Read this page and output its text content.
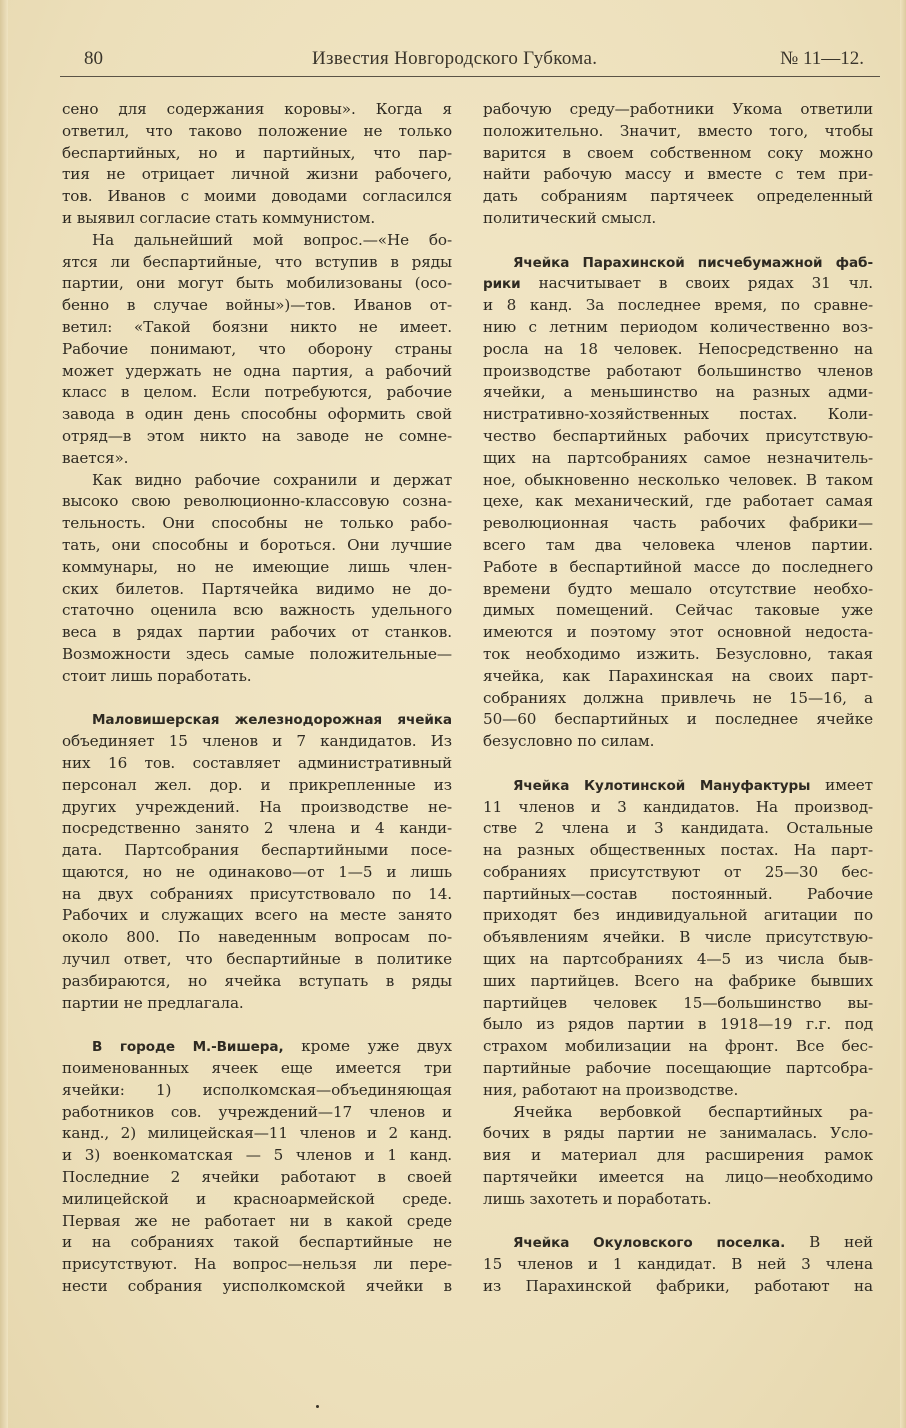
80	Известия Новгородского Губкома.	№ 11—12.
сено для содержания коровы». Когда я
ответил, что таково положение не только
беспартийных, но и партийных, что пар-
тия не отрицает личной жизни рабочего,
тов. Иванов с моими доводами согласился
и выявил согласие стать коммунистом.
На дальнейший мой вопрос.—«Не бо-
ятся ли беспартийные, что вступив в ряды
партии, они могут быть мобилизованы (осо-
бенно в случае войны»)—тов. Иванов от-
ветил: «Такой боязни никто не имеет.
Рабочие понимают, что оборону страны
может удержать не одна партия, а рабочий
класс в целом. Если потребуются, рабочие
завода в один день способны оформить свой
отряд—в этом никто на заводе не сомне-
вается».
Как видно рабочие сохранили и держат
высоко свою революционно-классовую созна-
тельность. Они способны не только рабо-
тать, они способны и бороться. Они лучшие
коммунары, но не имеющие лишь член-
ских билетов. Партячейка видимо не до-
статочно оценила всю важность удельного
веса в рядах партии рабочих от станков.
Возможности здесь самые положительные—
стоит лишь поработать.
Маловишерская железнодорожная ячейка
объединяет 15 членов и 7 кандидатов. Из
них 16 тов. составляет административный
персонал жел. дор. и прикрепленные из
других учреждений. На производстве не-
посредственно занято 2 члена и 4 канди-
дата. Партсобрания беспартийными посе-
щаются, но не одинаково—от 1—5 и лишь
на двух собраниях присутствовало по 14.
Рабочих и служащих всего на месте занято
около 800. По наведенным вопросам по-
лучил ответ, что беспартийные в политике
разбираются, но ячейка вступать в ряды
партии не предлагала.
В городе М.-Вишера, кроме уже двух
поименованных ячеек еще имеется три
ячейки: 1) исполкомская—объединяющая
работников сов. учреждений—17 членов и
канд., 2) милицейская—11 членов и 2 канд.
и 3) военкоматская — 5 членов и 1 канд.
Последние 2 ячейки работают в своей
милицейской и красноармейской среде.
Первая же не работает ни в какой среде
и на собраниях такой беспартийные не
присутствуют. На вопрос—нельзя ли пере-
нести собрания уисполкомской ячейки в
рабочую среду—работники Укома ответили
положительно. Значит, вместо того, чтобы
варится в своем собственном соку можно
найти рабочую массу и вместе с тем при-
дать собраниям партячеек определенный
политический смысл.
Ячейка Парахинской писчебумажной фаб-
рики насчитывает в своих рядах 31 чл.
и 8 канд. За последнее время, по сравне-
нию с летним периодом количественно воз-
росла на 18 человек. Непосредственно на
производстве работают большинство членов
ячейки, а меньшинство на разных адми-
нистративно-хозяйственных постах. Коли-
чество беспартийных рабочих присутствую-
щих на партсобраниях самое незначитель-
ное, обыкновенно несколько человек. В таком
цехе, как механический, где работает самая
революционная часть рабочих фабрики—
всего там два человека членов партии.
Работе в беспартийной массе до последнего
времени будто мешало отсутствие необхо-
димых помещений. Сейчас таковые уже
имеются и поэтому этот основной недоста-
ток необходимо изжить. Безусловно, такая
ячейка, как Парахинская на своих парт-
собраниях должна привлечь не 15—16, а
50—60 беспартийных и последнее ячейке
безусловно по силам.
Ячейка Кулотинской Мануфактуры имеет
11 членов и 3 кандидатов. На производ-
стве 2 члена и 3 кандидата. Остальные
на разных общественных постах. На парт-
собраниях присутствуют от 25—30 бес-
партийных—состав постоянный. Рабочие
приходят без индивидуальной агитации по
объявлениям ячейки. В числе присутствую-
щих на партсобраниях 4—5 из числа быв-
ших партийцев. Всего на фабрике бывших
партийцев человек 15—большинство вы-
было из рядов партии в 1918—19 г.г. под
страхом мобилизации на фронт. Все бес-
партийные рабочие посещающие партсобра-
ния, работают на производстве.
Ячейка вербовкой беспартийных ра-
бочих в ряды партии не занималась. Усло-
вия и материал для расширения рамок
партячейки имеется на лицо—необходимо
лишь захотеть и поработать.
Ячейка Окуловского поселка. В ней
15 членов и 1 кандидат. В ней 3 члена
из Парахинской фабрики, работают на
